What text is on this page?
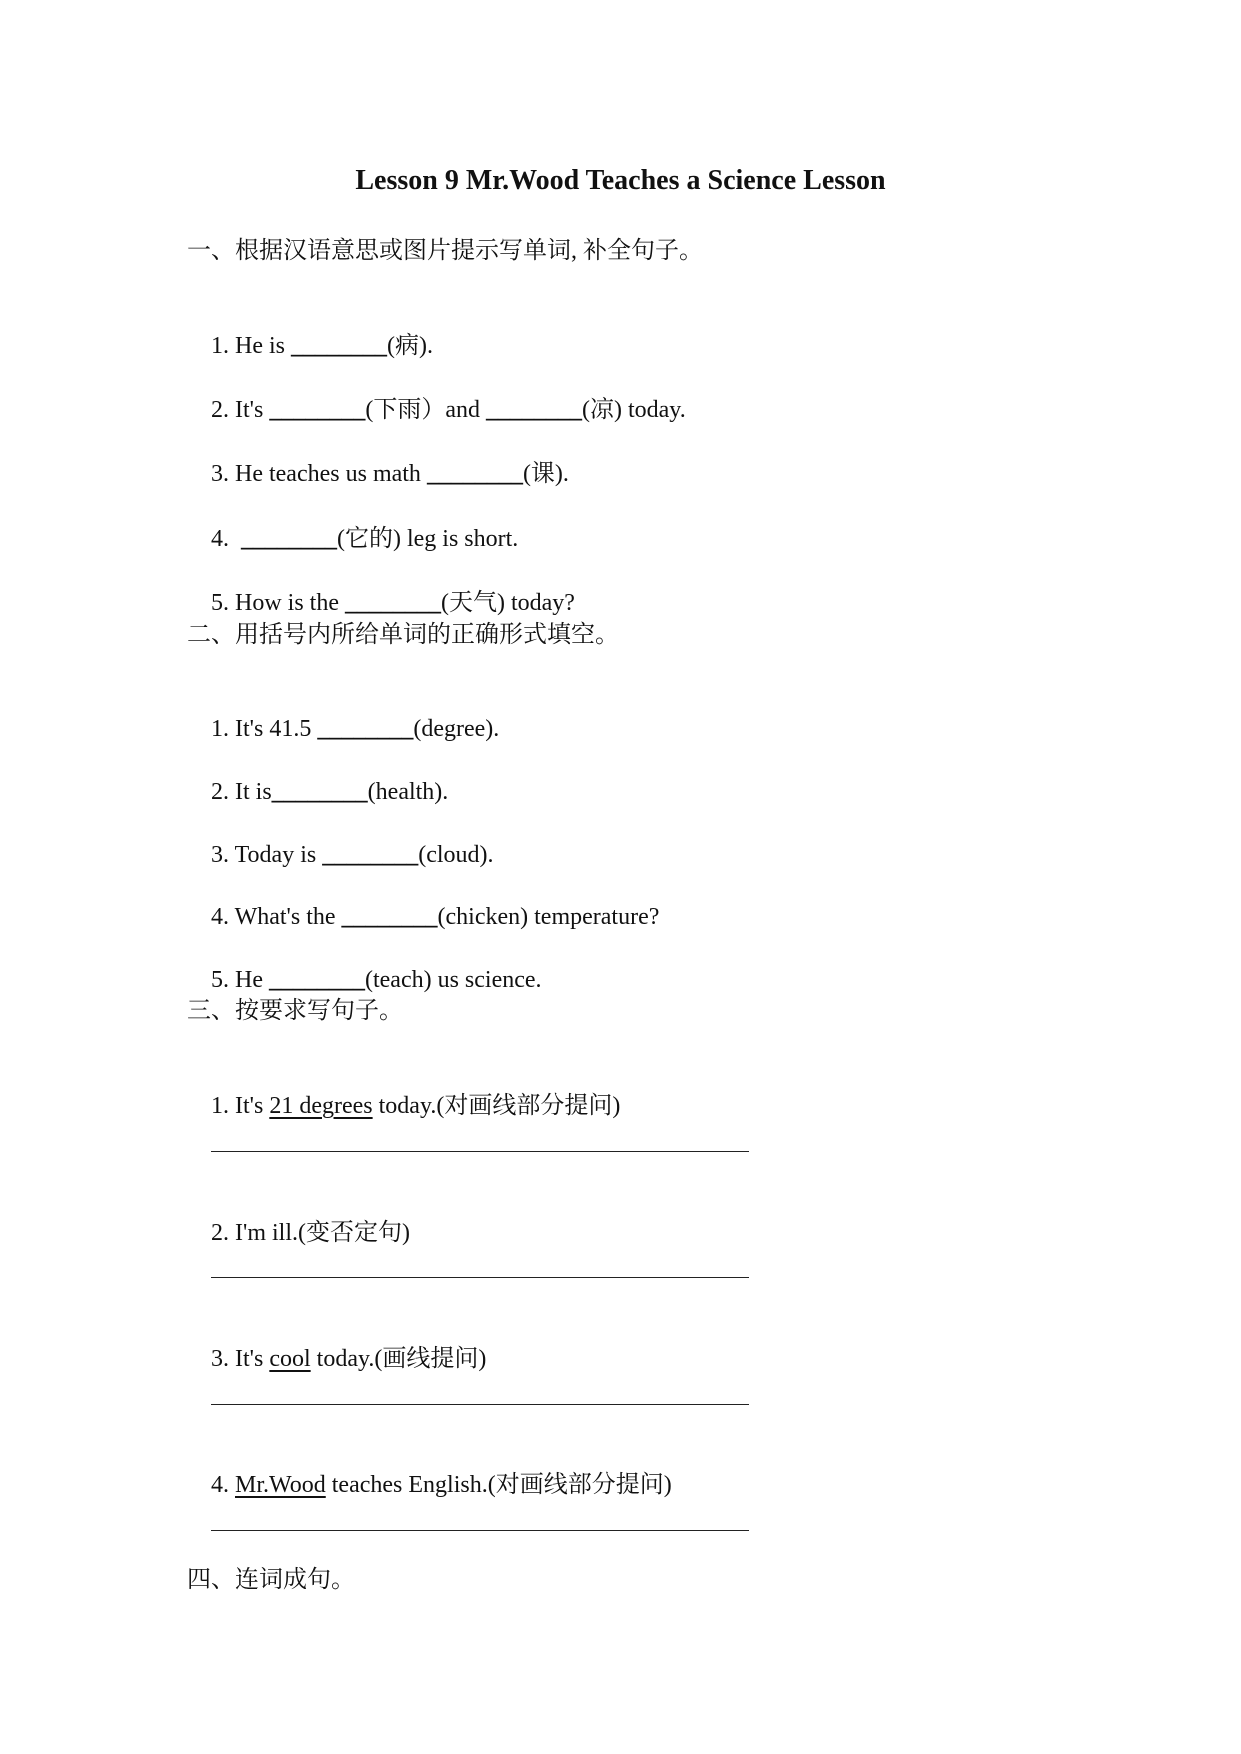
Lesson 9 Mr.Wood Teaches a Science Lesson
一、根据汉语意思或图片提示写单词, 补全句子。

1. He is ________(病).

2. It's ________(下雨）and ________(凉) today.

3. He teaches us math ________(课).

4.  ________(它的) leg is short.

5. How is the ________(天气) today?

二、用括号内所给单词的正确形式填空。

1. It's 41.5 ________(degree).

2. It is________(health).

3. Today is ________(cloud).

4. What's the ________(chicken) temperature?

5. He ________(teach) us science.

三、按要求写句子。

1. It's 21 degrees today.(对画线部分提问)

2. I'm ill.(变否定句)

3. It's cool today.(画线提问)

4. Mr.Wood teaches English.(对画线部分提问)

四、连词成句。
